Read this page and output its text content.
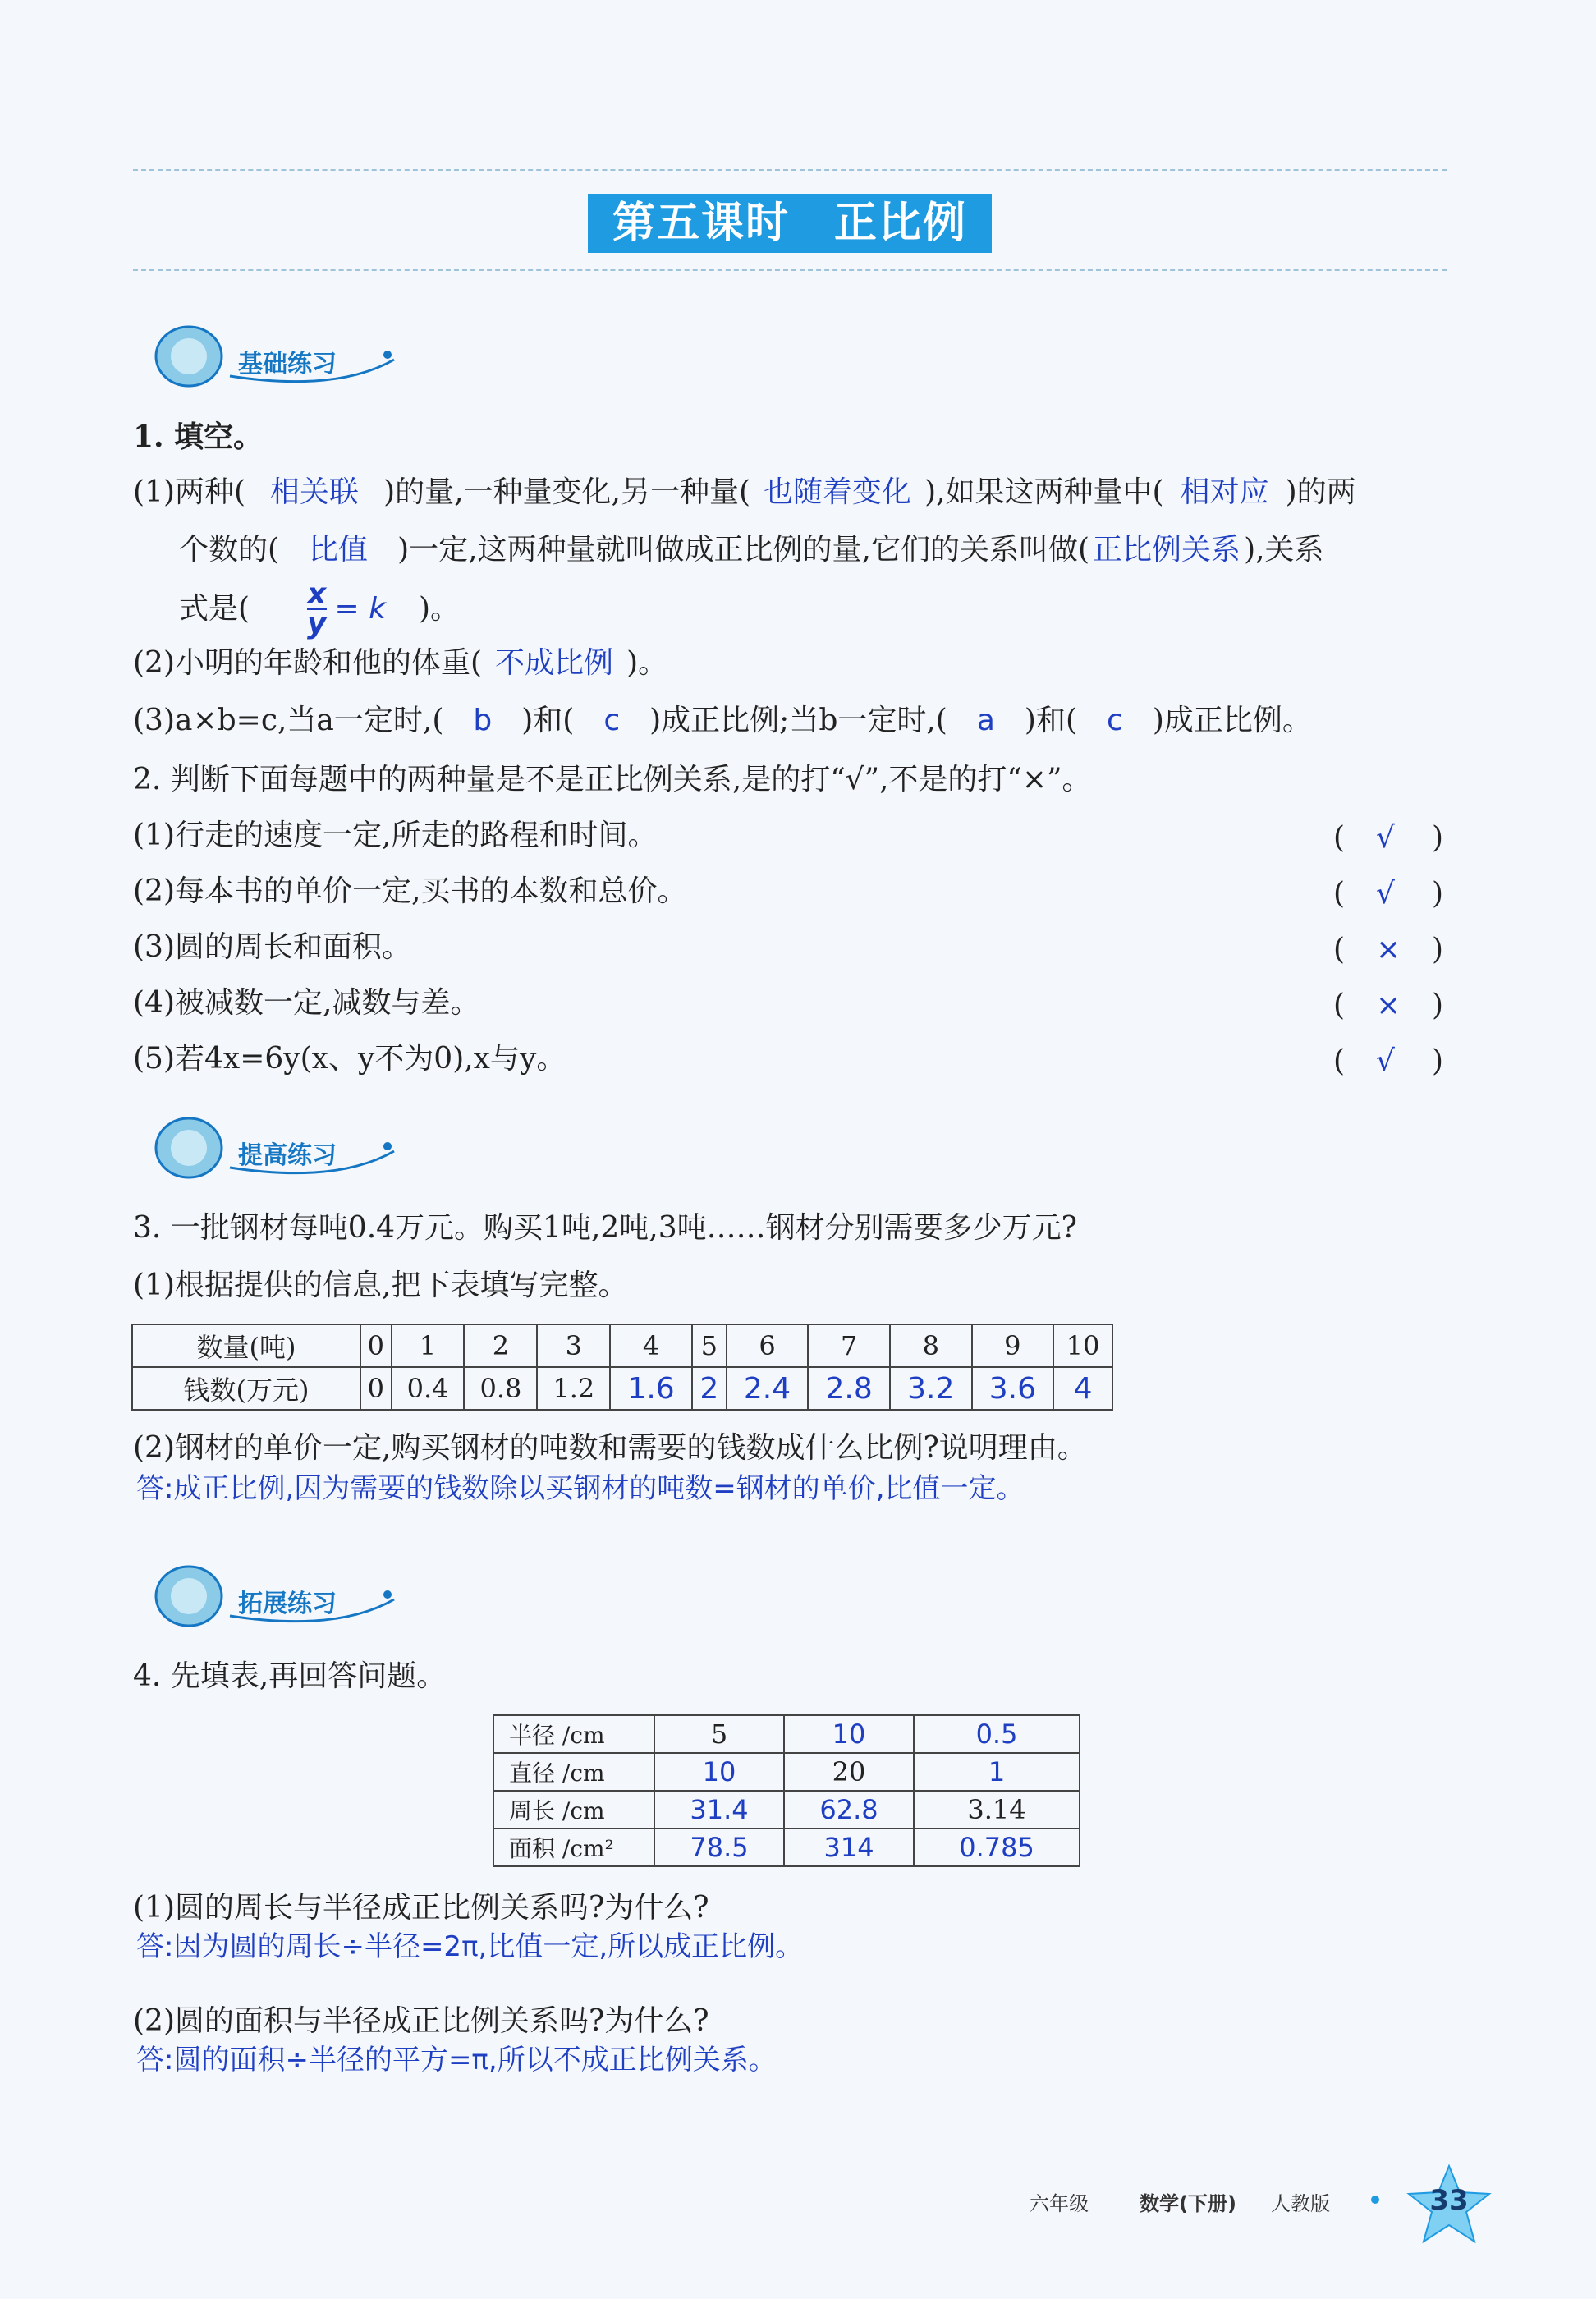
第五课时　正比例
基础练习
1. 填空。
(1)两种( 相关联 )的量,一种量变化,另一种量( 也随着变化 ),如果这两种量中( 相对应 )的两
个数的( 比值 )一定,这两种量就叫做成正比例的量,它们的关系叫做( 正比例关系 ),关系
式是( $\frac{x}{y} = k$ )。
(2)小明的年龄和他的体重( 不成比例 )。
(3)a×b=c,当a一定时,( b )和( c )成正比例;当b一定时,( a )和( c )成正比例。
2. 判断下面每题中的两种量是不是正比例关系,是的打“√”,不是的打“×”。
(1)行走的速度一定,所走的路程和时间。	( √ )
(2)每本书的单价一定,买书的本数和总价。	( √ )
(3)圆的周长和面积。	( × )
(4)被减数一定,减数与差。	( × )
(5)若4x=6y(x、y不为0),x与y。	( √ )
提高练习
3. 一批钢材每吨0.4万元。购买1吨,2吨,3吨……钢材分别需要多少万元?
(1)根据提供的信息,把下表填写完整。
数量(吨)	0	1	2	3	4	5	6	7	8	9	10
钱数(万元)	0	0.4	0.8	1.2	1.6	2	2.4	2.8	3.2	3.6	4
(2)钢材的单价一定,购买钢材的吨数和需要的钱数成什么比例?说明理由。
答:成正比例,因为需要的钱数除以买钢材的吨数=钢材的单价,比值一定。
拓展练习
4. 先填表,再回答问题。
半径 /cm	5	10	0.5
直径 /cm	10	20	1
周长 /cm	31.4	62.8	3.14
面积 /cm²	78.5	314	0.785
(1)圆的周长与半径成正比例关系吗?为什么?
答:因为圆的周长÷半径=2π,比值一定,所以成正比例。
(2)圆的面积与半径成正比例关系吗?为什么?
答:圆的面积÷半径的平方=π,所以不成正比例关系。
六年级	数学(下册) 人教版	33
